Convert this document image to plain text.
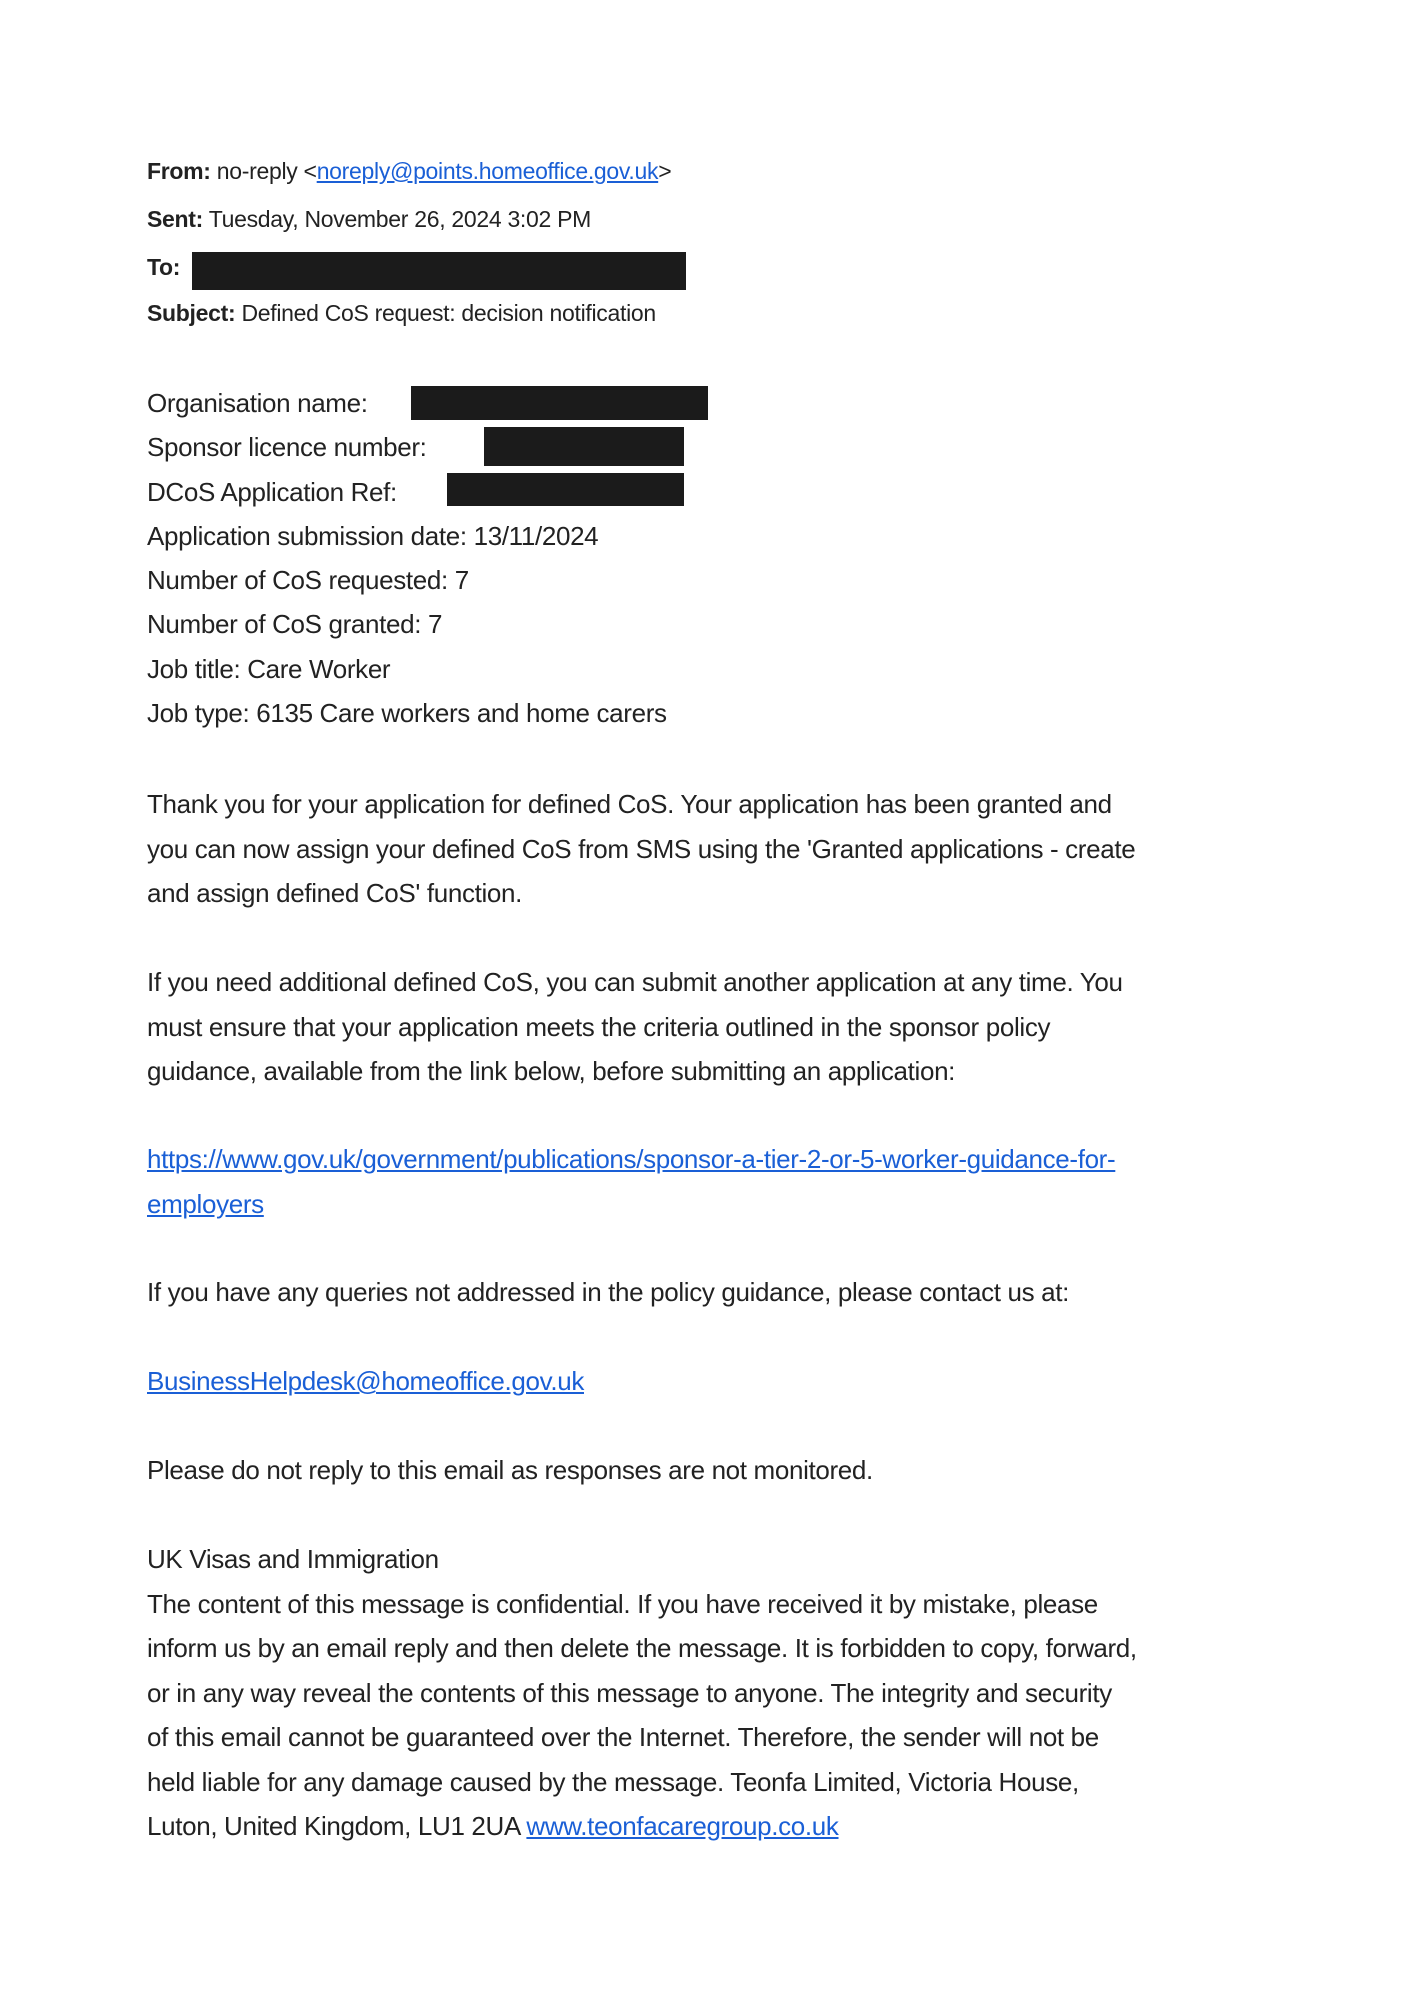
From: no-reply <noreply@points.homeoffice.gov.uk>
Sent: Tuesday, November 26, 2024 3:02 PM
To:
Subject: Defined CoS request: decision notification
Organisation name:
Sponsor licence number:
DCoS Application Ref:
Application submission date: 13/11/2024
Number of CoS requested: 7
Number of CoS granted: 7
Job title: Care Worker
Job type: 6135 Care workers and home carers
Thank you for your application for defined CoS. Your application has been granted and
you can now assign your defined CoS from SMS using the 'Granted applications - create
and assign defined CoS' function.
If you need additional defined CoS, you can submit another application at any time. You
must ensure that your application meets the criteria outlined in the sponsor policy
guidance, available from the link below, before submitting an application:
https://www.gov.uk/government/publications/sponsor-a-tier-2-or-5-worker-guidance-for-
employers
If you have any queries not addressed in the policy guidance, please contact us at:
BusinessHelpdesk@homeoffice.gov.uk
Please do not reply to this email as responses are not monitored.
UK Visas and Immigration
The content of this message is confidential. If you have received it by mistake, please
inform us by an email reply and then delete the message. It is forbidden to copy, forward,
or in any way reveal the contents of this message to anyone. The integrity and security
of this email cannot be guaranteed over the Internet. Therefore, the sender will not be
held liable for any damage caused by the message. Teonfa Limited, Victoria House,
Luton, United Kingdom, LU1 2UA www.teonfacaregroup.co.uk
